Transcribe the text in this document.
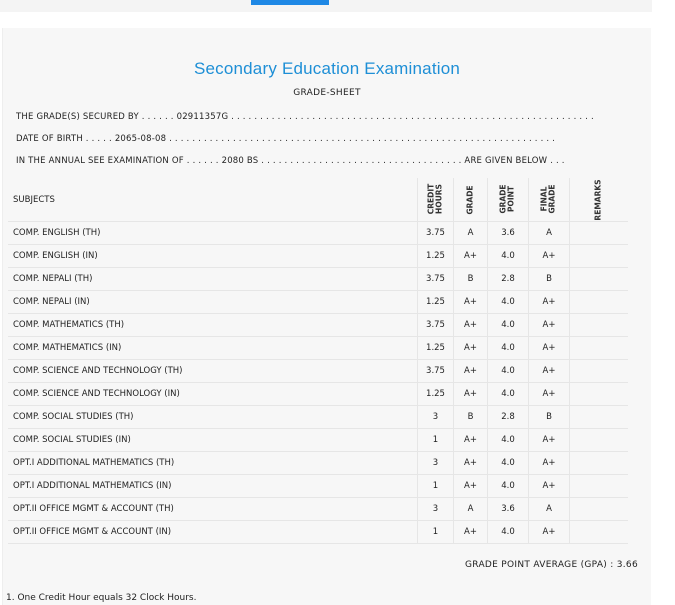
Secondary Education Examination
GRADE-SHEET
THE GRADE(S) SECURED BY . . . . . . 02911357G . . . . . . . . . . . . . . . . . . . . . . . . . . . . . . . . . . . . . . . . . . . . . . . . . . . . . . . . . . . . . . .
DATE OF BIRTH . . . . . 2065-08-08 . . . . . . . . . . . . . . . . . . . . . . . . . . . . . . . . . . . . . . . . . . . . . . . . . . . . . . . . . . . . . . . . . . .
IN THE ANNUAL SEE EXAMINATION OF . . . . . . 2080 BS . . . . . . . . . . . . . . . . . . . . . . . . . . . . . . . . . . . ARE GIVEN BELOW . . .
SUBJECTS	CREDIT HOURS	GRADE	GRADE POINT	FINAL GRADE	REMARKS

COMP. ENGLISH (TH)	3.75	A	3.6	A	
COMP. ENGLISH (IN)	1.25	A+	4.0	A+	
COMP. NEPALI (TH)	3.75	B	2.8	B	
COMP. NEPALI (IN)	1.25	A+	4.0	A+	
COMP. MATHEMATICS (TH)	3.75	A+	4.0	A+	
COMP. MATHEMATICS (IN)	1.25	A+	4.0	A+	
COMP. SCIENCE AND TECHNOLOGY (TH)	3.75	A+	4.0	A+	
COMP. SCIENCE AND TECHNOLOGY (IN)	1.25	A+	4.0	A+	
COMP. SOCIAL STUDIES (TH)	3	B	2.8	B	
COMP. SOCIAL STUDIES (IN)	1	A+	4.0	A+	
OPT.I ADDITIONAL MATHEMATICS (TH)	3	A+	4.0	A+	
OPT.I ADDITIONAL MATHEMATICS (IN)	1	A+	4.0	A+	
OPT.II OFFICE MGMT & ACCOUNT (TH)	3	A	3.6	A	
OPT.II OFFICE MGMT & ACCOUNT (IN)	1	A+	4.0	A+	
GRADE POINT AVERAGE (GPA) : 3.66
1. One Credit Hour equals 32 Clock Hours.
